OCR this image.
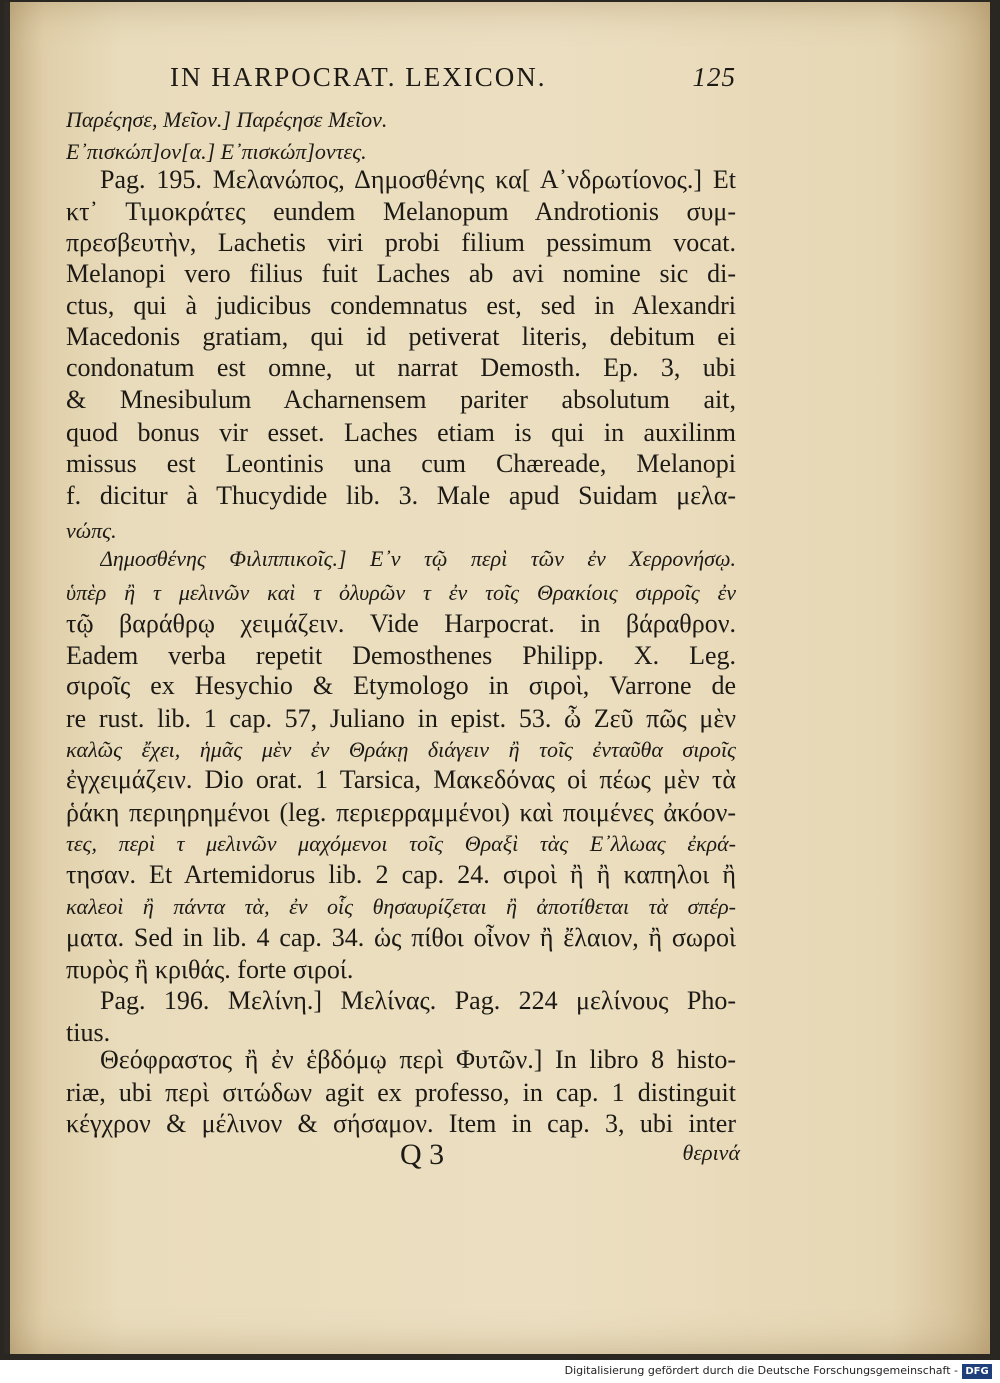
IN HARPOCRAT. LEXICON.	125
Παρέςησε, Μεῖον.] Παρέςησε Μεῖον.
Ε᾽πισκώπ]ον[α.] Ε᾽πισκώπ]οντες.
Pag. 195. Μελανώπος, Δημοσθένης κα[ Α᾽νδρωτίονος.] Et
κτ᾽ Τιμοκράτες eundem Melanopum Androtionis συμ-
πρεσβευτὴν, Lachetis viri probi filium pessimum vocat.
Melanopi vero filius fuit Laches ab avi nomine sic di-
ctus, qui à judicibus condemnatus est, sed in Alexandri
Macedonis gratiam, qui id petiverat literis, debitum ei
condonatum est omne, ut narrat Demosth. Ep. 3, ubi
& Mnesibulum Acharnensem pariter absolutum ait,
quod bonus vir esset. Laches etiam is qui in auxilinm
missus est Leontinis una cum Chæreade, Melanopi
f. dicitur à Thucydide lib. 3. Male apud Suidam μελα-
νώπς.
Δημοσθένης Φιλιππικοῖς.] Ε᾽ν τῷ περὶ τῶν ἐν Χερρονήσῳ.
ὑπὲρ ἢ τ μελινῶν καὶ τ ὀλυρῶν τ ἐν τοῖς Θρακίοις σιρροῖς ἐν
τῷ βαράθρῳ χειμάζειν. Vide Harpocrat. in βάραθρον.
Eadem verba repetit Demosthenes Philipp. X. Leg.
σιροῖς ex Hesychio & Etymologo in σιροὶ, Varrone de
re rust. lib. 1 cap. 57, Juliano in epist. 53. ὦ Ζεῦ πῶς μὲν
καλῶς ἔχει, ἡμᾶς μὲν ἐν Θράκῃ διάγειν ἢ τοῖς ἐνταῦθα σιροῖς
ἐγχειμάζειν. Dio orat. 1 Tarsica, Μακεδόνας οἱ πέως μὲν τὰ
ῥάκη περιηρημένοι (leg. περιερραμμένοι) καὶ ποιμένες ἀκόον-
τες, περὶ τ μελινῶν μαχόμενοι τοῖς Θραξὶ τὰς Ε᾽λλωας ἐκρά-
τησαν. Et Artemidorus lib. 2 cap. 24. σιροὶ ἢ ἢ καπηλοι ἢ
καλεοὶ ἢ πάντα τὰ, ἐν οἷς θησαυρίζεται ἢ ἀποτίθεται τὰ σπέρ-
ματα. Sed in lib. 4 cap. 34. ὡς πίθοι οἶνον ἢ ἔλαιον, ἢ σωροὶ
πυρὸς ἢ κριθάς. forte σιροί.
Pag. 196. Μελίνη.] Μελίνας. Pag. 224 μελίνους Pho-
tius.
Θεόφραστος ἢ ἐν ἑβδόμῳ περὶ Φυτῶν.] In libro 8 histo-
riæ, ubi περὶ σιτώδων agit ex professo, in cap. 1 distinguit
κέγχρον & μέλινον & σήσαμον. Item in cap. 3, ubi inter
Q 3	θερινά
Digitalisierung gefördert durch die Deutsche Forschungsgemeinschaft - DFG
